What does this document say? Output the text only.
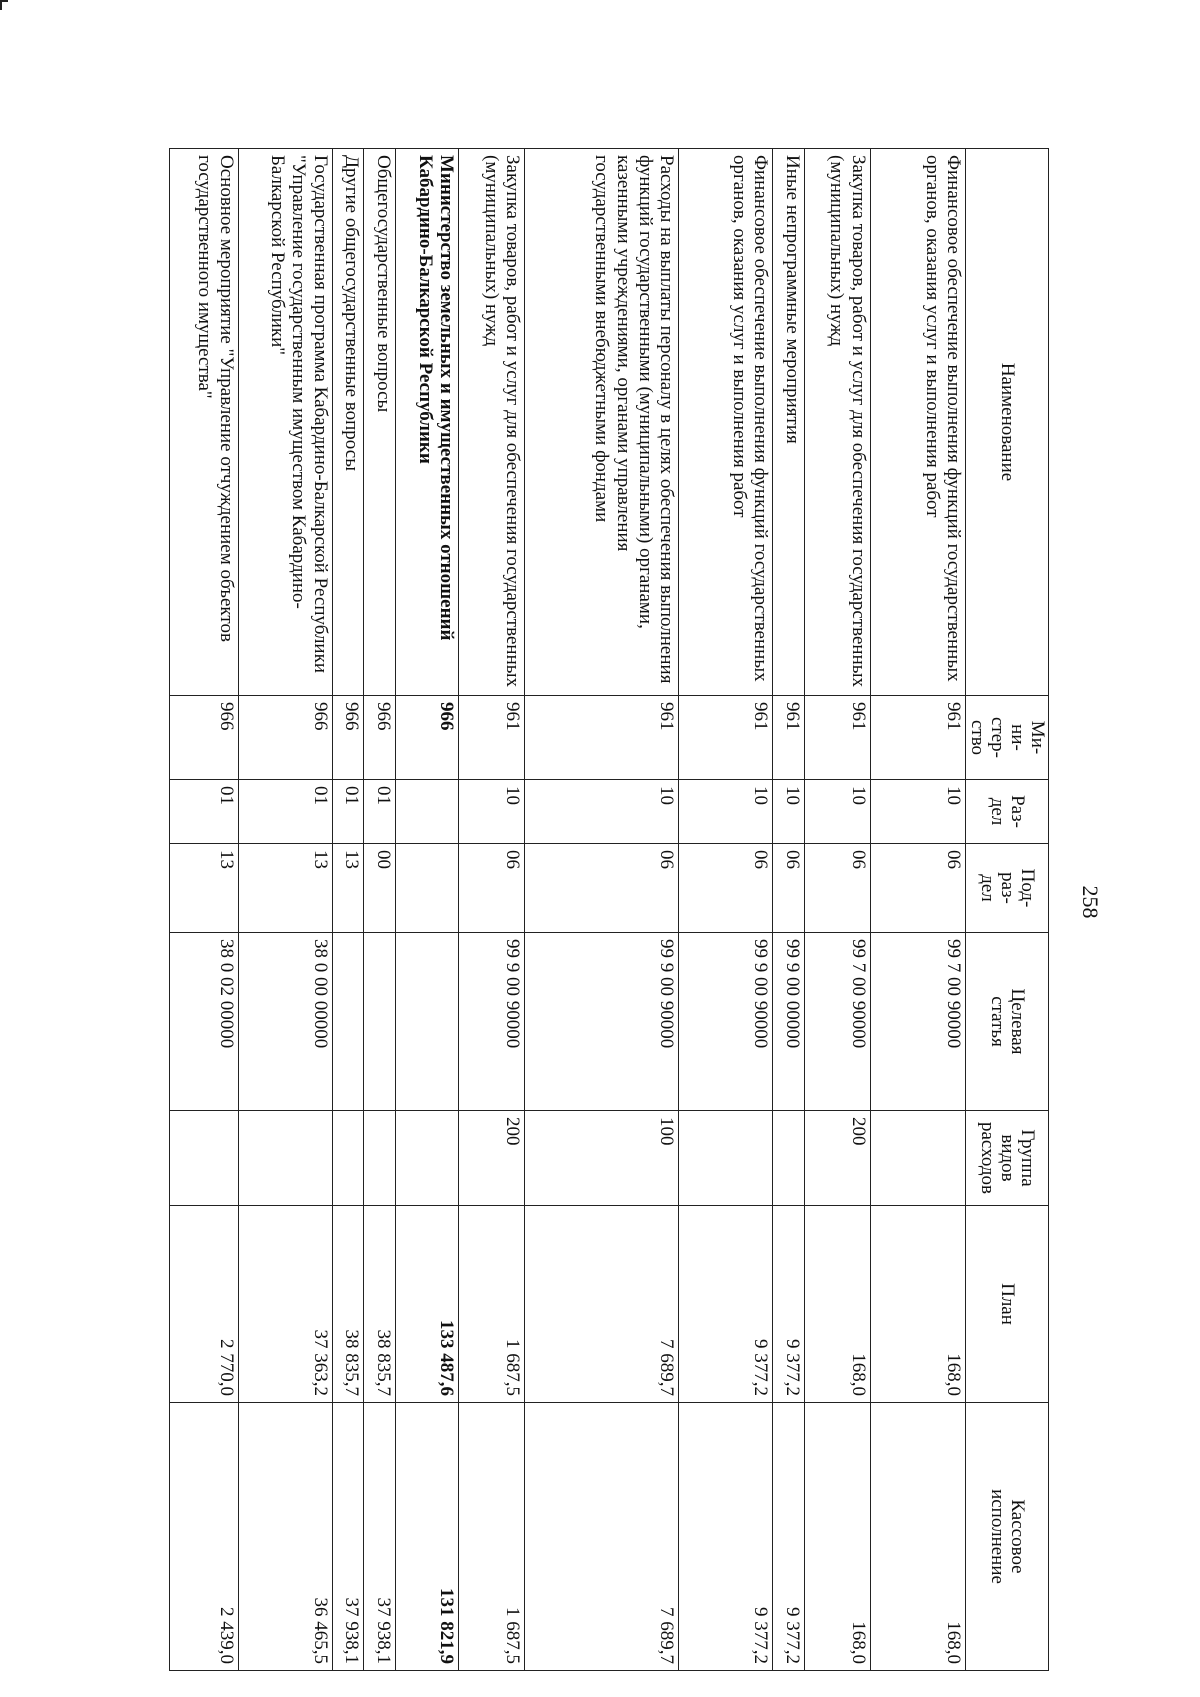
258
Наименование	Ми-
ни-
стер-
ство	Раз-
дел	Под-
раз-
дел	Целевая
статья	Группа
видов
расходов	План	Кассовое
исполнение
Финансовое обеспечение выполнения функций государственных органов, оказания услуг и выполнения работ	961	10	06	99 7 00 90000		168,0	168,0
Закупка товаров, работ и услуг для обеспечения государственных (муниципальных) нужд	961	10	06	99 7 00 90000	200	168,0	168,0
Иные непрограммные мероприятия	961	10	06	99 9 00 00000		9 377,2	9 377,2
Финансовое обеспечение выполнения функций государственных органов, оказания услуг и выполнения работ	961	10	06	99 9 00 90000		9 377,2	9 377,2
Расходы на выплаты персоналу в целях обеспечения выполнения функций государственными (муниципальными) органами, казенными учреждениями, органами управления государственными внебюджетными фондами	961	10	06	99 9 00 90000	100	7 689,7	7 689,7
Закупка товаров, работ и услуг для обеспечения государственных (муниципальных) нужд	961	10	06	99 9 00 90000	200	1 687,5	1 687,5
Министерство земельных и имущественных отношений Кабардино-Балкарской Республики	966					133 487,6	131 821,9
Общегосударственные вопросы	966	01	00			38 835,7	37 938,1
Другие общегосударственные вопросы	966	01	13			38 835,7	37 938,1
Государственная программа Кабардино-Балкарской Республики "Управление государственным имуществом Кабардино-Балкарской Республики"	966	01	13	38 0 00 00000		37 363,2	36 465,5
Основное мероприятие "Управление отчуждением объектов государственного имущества"	966	01	13	38 0 02 00000		2 770,0	2 439,0
